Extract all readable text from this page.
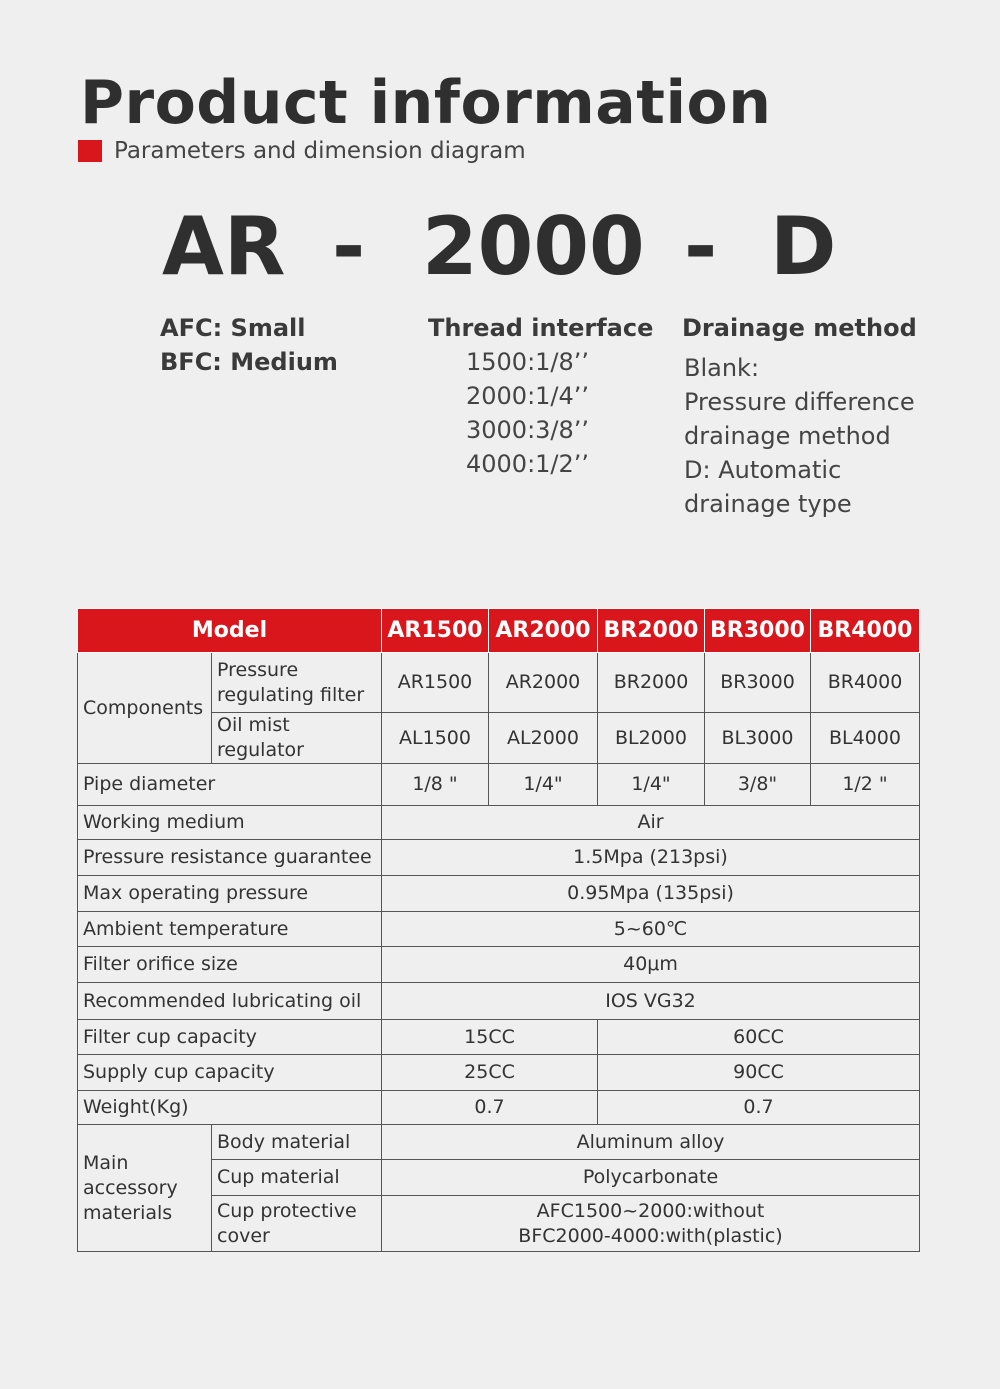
Product information
Parameters and dimension diagram
AR - 2000 - D
AFC: Small
BFC: Medium
Thread interface
1500:1/8’’
2000:1/4’’
3000:3/8’’
4000:1/2’’
Drainage method
Blank:
Pressure difference
drainage method
D: Automatic
drainage type
Model		AR1500	AR2000	BR2000	BR3000	BR4000
Components	Pressure regulating filter	AR1500	AR2000	BR2000	BR3000	BR4000
	Oil mist regulator	AL1500	AL2000	BL2000	BL3000	BL4000
Pipe diameter		1/8 "	1/4"	1/4"	3/8"	1/2 "
Working medium		Air				
Pressure resistance guarantee		1.5Mpa (213psi)				
Max operating pressure		0.95Mpa (135psi)				
Ambient temperature		5~60℃				
Filter orifice size		40μm				
Recommended lubricating oil		IOS VG32				
Filter cup capacity		15CC		60CC		
Supply cup capacity		25CC		90CC		
Weight(Kg)		0.7		0.7		
Main accessory materials	Body material	Aluminum alloy				
	Cup material	Polycarbonate				
	Cup protective cover	AFC1500~2000:without
BFC2000-4000:with(plastic)				
